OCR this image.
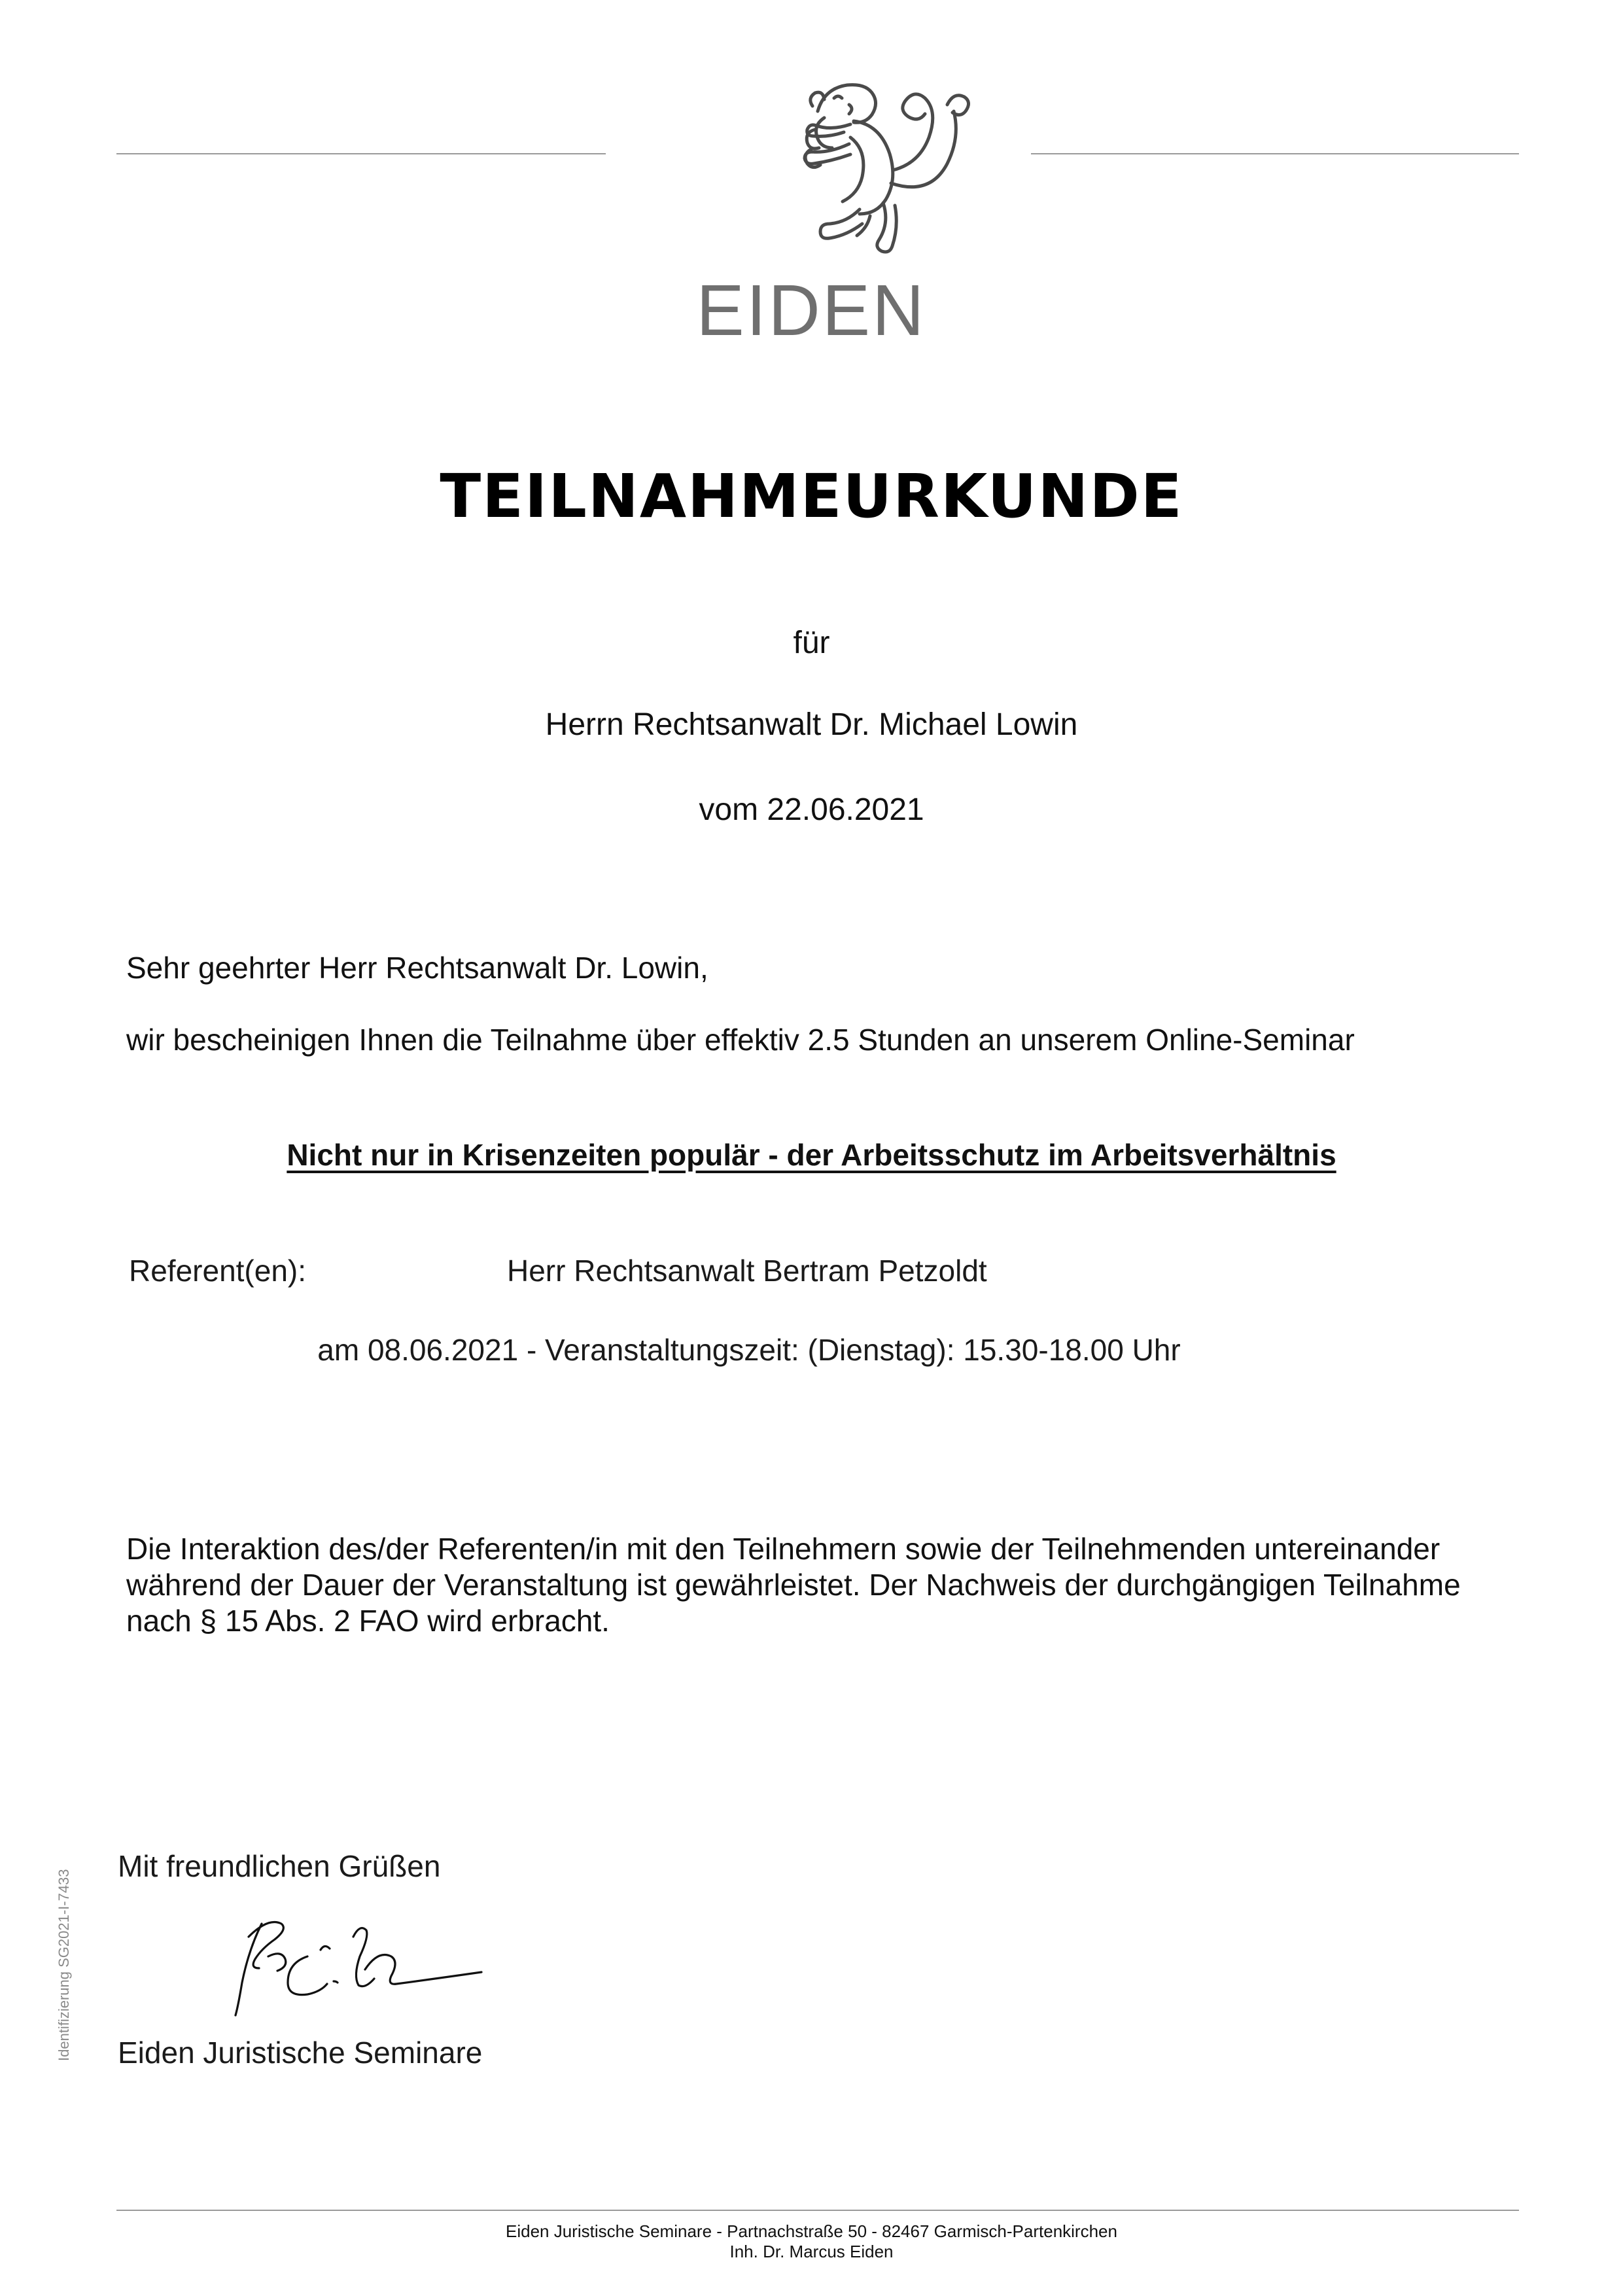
EIDEN
TEILNAHMEURKUNDE
für
Herrn Rechtsanwalt Dr. Michael Lowin
vom 22.06.2021
Sehr geehrter Herr Rechtsanwalt Dr. Lowin,
wir bescheinigen Ihnen die Teilnahme über effektiv 2.5 Stunden an unserem Online-Seminar
Nicht nur in Krisenzeiten populär - der Arbeitsschutz im Arbeitsverhältnis
Referent(en):	Herr Rechtsanwalt Bertram Petzoldt
am 08.06.2021 - Veranstaltungszeit: (Dienstag): 15.30-18.00 Uhr
Die Interaktion des/der Referenten/in mit den Teilnehmern sowie der Teilnehmenden untereinander während der Dauer der Veranstaltung ist gewährleistet. Der Nachweis der durchgängigen Teilnahme nach § 15 Abs. 2 FAO wird erbracht.
Mit freundlichen Grüßen
Eiden Juristische Seminare
Identifizierung SG2021-I-7433
Eiden Juristische Seminare - Partnachstraße 50 - 82467 Garmisch-Partenkirchen
Inh. Dr. Marcus Eiden
